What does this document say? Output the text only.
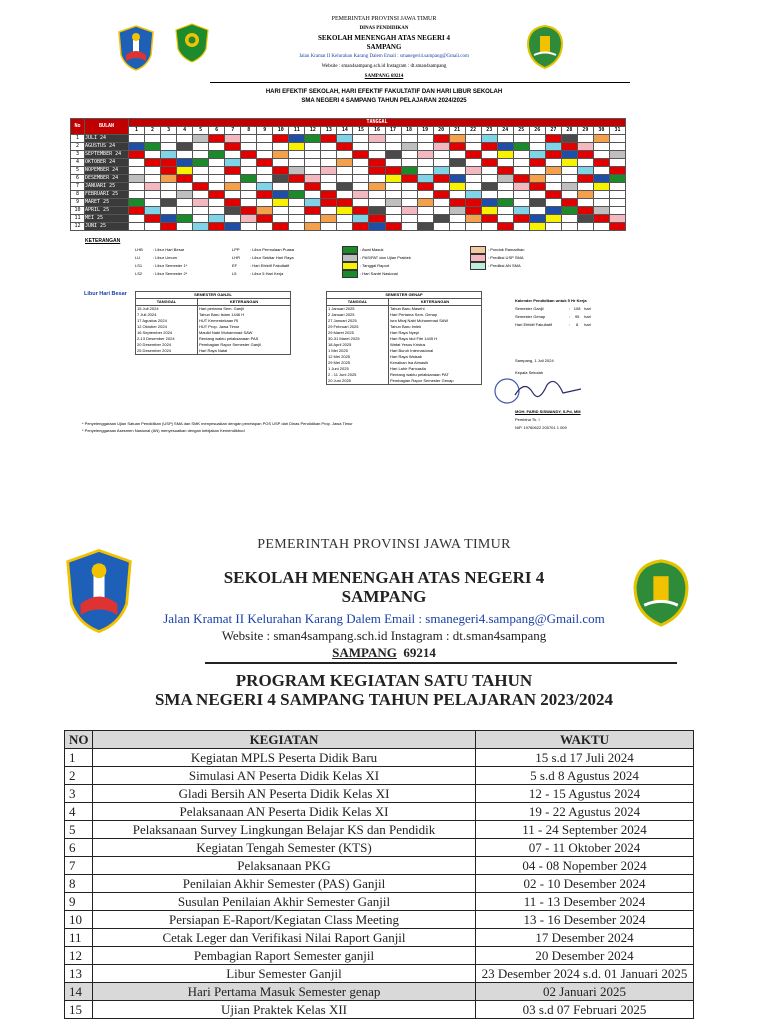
PEMERINTAH PROVINSI JAWA TIMUR
DINAS PENDIDIKAN
SEKOLAH MENENGAH ATAS NEGERI 4
SAMPANG
Jalan Kramat II Kelurahan Karang Dalem Email : smanegeri4.sampang@Gmail.com
Website : sman4sampang.sch.id Instagram : dt.sman4sampang
SAMPANG 69214
HARI EFEKTIF SEKOLAH, HARI EFEKTIF FAKULTATIF DAN HARI LIBUR SEKOLAH
SMA NEGERI 4 SAMPANG TAHUN PELAJARAN 2024/2025
No	BULAN	TANGGAL																														
		1	2	3	4	5	6	7	8	9	10	11	12	13	14	15	16	17	18	19	20	21	22	23	24	25	26	27	28	29	30	31
1	JULI 24																															
2	AGUSTUS 24																															
3	SEPTEMBER 24																															
4	OKTOBER 24																															
5	NOPEMBER 24																															
6	DESEMBER 24																															
7	JANUARI 25																															
8	FEBRUARI 25																															
9	MARET 25																															
10	APRIL 25																															
11	MEI 25																															
12	JUNI 25																															
KETERANGAN
LHB	: Libur Hari Besar
LU	: Libur Umum
LS1	: Libur Semester 1*
LS2	: Libur Semester 2*
LPP	: Libur Permulaan Puasa
LHR : Libur Sekitar Hari Raya
EF	: Hari Efektif Fakultatif
L5	: Libur 5 Hari Kerja
: Awal Masuk
: PAS/PAT dan Ujian Praktek
: Tanggal Raport
: Hari Santri Nasional
: Pondok Ramadhan
: Prediksi USP SMA
: Prediksi AN SMA
Libur Hari Besar	SEMESTER GANJIL	
TANGGAL	KETERANGAN
15 Juli 2024	Hari pertama Sem. Ganjil
7 Juli 2024	Tahun Baru Islam 1446 H
17 Agustus 2024	HUT Kemerdekaan RI
12 Oktober 2024	HUT Prop. Jawa Timur
16 September 2024	Maulid Nabi Muhammad SAW
2-13 Desember 2024	Rentang waktu pelaksanaan PAS
20 Desember 2024	Pembagian Rapor Semester Ganjil
25 Desember 2024	Hari Raya Natal
SEMESTER GENAP	
TANGGAL	KETERANGAN
1 Januari 2025	Tahun Baru Masehi
2 Januari 2025	Hari Pertama Sem. Genap
27 Januari 2025	Isra Miraj Nabi Muhammad SAW
29 Februari 2025	Tahun Baru Imlek
29 Maret 2025	Hari Raya Nyepi
30-31 Maret 2025	Hari Raya Idul Fitri 1445 H
18 April 2025	Wafat Yesus Kristus
1 Mei 2025	Hari Buruh Internasional
12 Mei 2025	Hari Raya Waisak
29 Mei 2025	Kenaikan Isa Almasih
1 Juni 2025	Hari Lahir Pancasila
2 - 11 Juni 2025	Rentang waktu pelaksanaan PAT
20 Juni 2025	Pembagian Rapor Semester Genap
Kalender Pendidikan untuk 5 Hr Kerja
Semester Ganjil	: 108 hari
Semester Genap	: 95 hari
Hari Efektif Fakultatif	: 8 hari
Sampang, 1 Juli 2024
Kepala Sekolah
MOH. FARID SISWANDY, S.Pd, MM
Pembina Tk. I
NIP. 19760622 200701 1 009
* Penyelenggaraan Ujian Satuan Pendidikan (USP) SMA dan SMK menyesuaikan dengan penetapan POS USP dari Dinas Pendidikan Prop. Jawa Timur
* Penyelenggaraan Asesmen Nasional (AN) menyesuaikan dengan kebijakan Kemendikbud
PEMERINTAH PROVINSI JAWA TIMUR
SEKOLAH MENENGAH ATAS NEGERI 4
SAMPANG
Jalan Kramat II Kelurahan Karang Dalem Email : smanegeri4.sampang@Gmail.com
Website : sman4sampang.sch.id Instagram : dt.sman4sampang
SAMPANG 69214
PROGRAM KEGIATAN SATU TAHUN
SMA NEGERI 4 SAMPANG TAHUN PELAJARAN 2023/2024
NO	KEGIATAN	WAKTU
1	Kegiatan MPLS Peserta Didik Baru	15 s.d 17 Juli 2024
2	Simulasi AN Peserta Didik Kelas XI	5 s.d 8 Agustus 2024
3	Gladi Bersih AN Peserta Didik Kelas XI	12 - 15 Agustus 2024
4	Pelaksanaan AN Peserta Didik Kelas XI	19 - 22 Agustus 2024
5	Pelaksanaan Survey Lingkungan Belajar KS dan Pendidik	11 - 24 September 2024
6	Kegiatan Tengah Semester (KTS)	07 - 11 Oktober 2024
7	Pelaksanaan PKG	04 - 08 Nopember 2024
8	Penilaian Akhir Semester (PAS) Ganjil	02 - 10 Desember 2024
9	Susulan Penilaian Akhir Semester Ganjil	11 - 13 Desember 2024
10	Persiapan E-Raport/Kegiatan Class Meeting	13 - 16 Desember 2024
11	Cetak Leger dan Verifikasi Nilai Raport Ganjil	17 Desember 2024
12	Pembagian Raport Semester ganjil	20 Desember 2024
13	Libur Semester Ganjil	23 Desember 2024 s.d. 01 Januari 2025
14	Hari Pertama Masuk Semester genap	02 Januari 2025
15	Ujian Praktek Kelas XII	03 s.d 07 Februari 2025
